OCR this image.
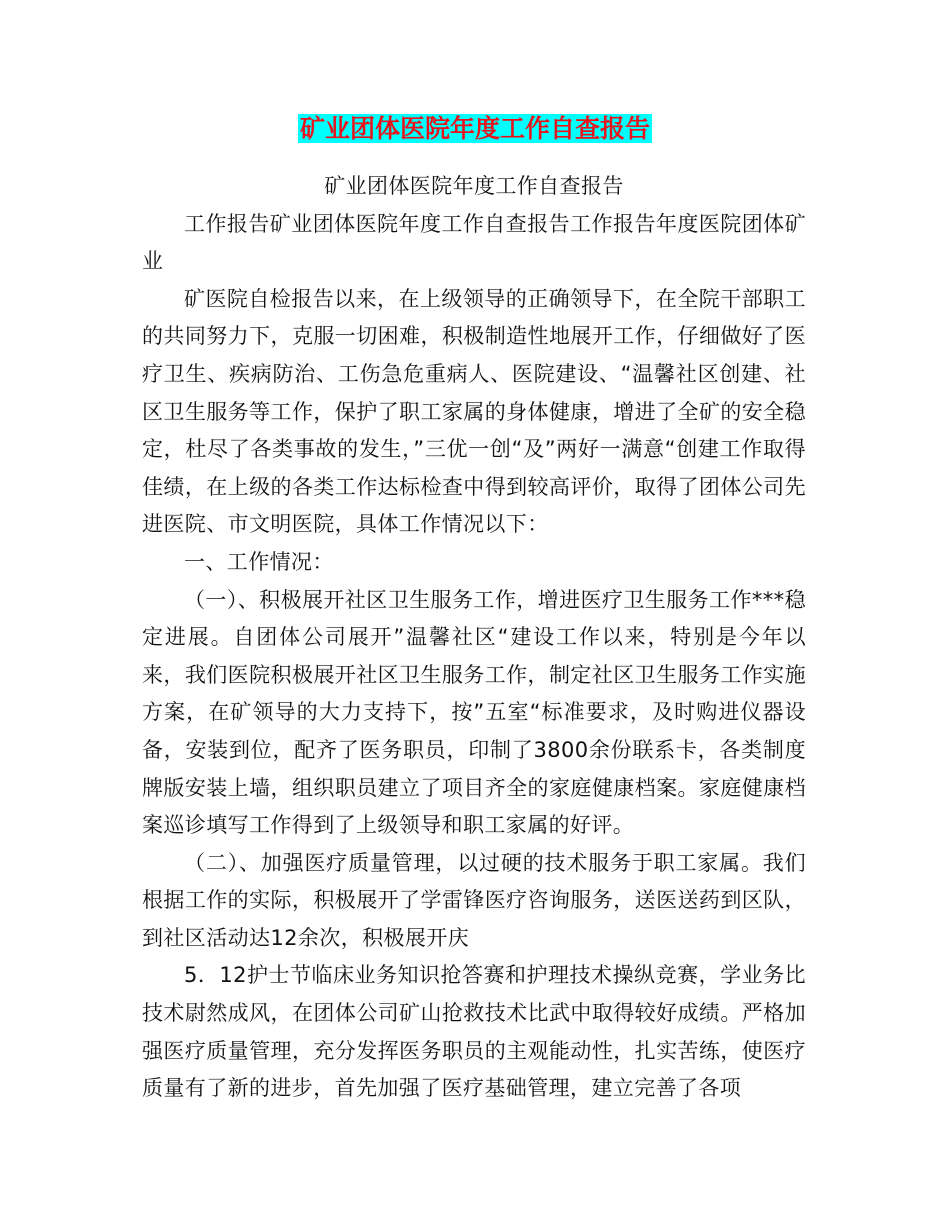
矿业团体医院年度工作自查报告

矿业团体医院年度工作自查报告

工作报告矿业团体医院年度工作自查报告工作报告年度医院团体矿业

矿医院自检报告以来，在上级领导的正确领导下，在全院干部职工的共同努力下，克服一切困难，积极制造性地展开工作，仔细做好了医疗卫生、疾病防治、工伤急危重病人、医院建设、“温馨社区创建、社区卫生服务等工作，保护了职工家属的身体健康，增进了全矿的安全稳定，杜尽了各类事故的发生，”三优一创“及”两好一满意“创建工作取得佳绩，在上级的各类工作达标检查中得到较高评价，取得了团体公司先进医院、市文明医院，具体工作情况以下：

一、工作情况：

（一）、积极展开社区卫生服务工作，增进医疗卫生服务工作***稳定进展。自团体公司展开”温馨社区“建设工作以来，特别是今年以来，我们医院积极展开社区卫生服务工作，制定社区卫生服务工作实施方案，在矿领导的大力支持下，按”五室“标准要求，及时购进仪器设备，安装到位，配齐了医务职员，印制了3800余份联系卡，各类制度牌版安装上墙，组织职员建立了项目齐全的家庭健康档案。家庭健康档案巡诊填写工作得到了上级领导和职工家属的好评。

（二）、加强医疗质量管理，以过硬的技术服务于职工家属。我们根据工作的实际，积极展开了学雷锋医疗咨询服务，送医送药到区队，到社区活动达12余次，积极展开庆

5．12护士节临床业务知识抢答赛和护理技术操纵竞赛，学业务比技术尉然成风，在团体公司矿山抢救技术比武中取得较好成绩。严格加强医疗质量管理，充分发挥医务职员的主观能动性，扎实苦练，使医疗质量有了新的进步，首先加强了医疗基础管理，建立完善了各项
